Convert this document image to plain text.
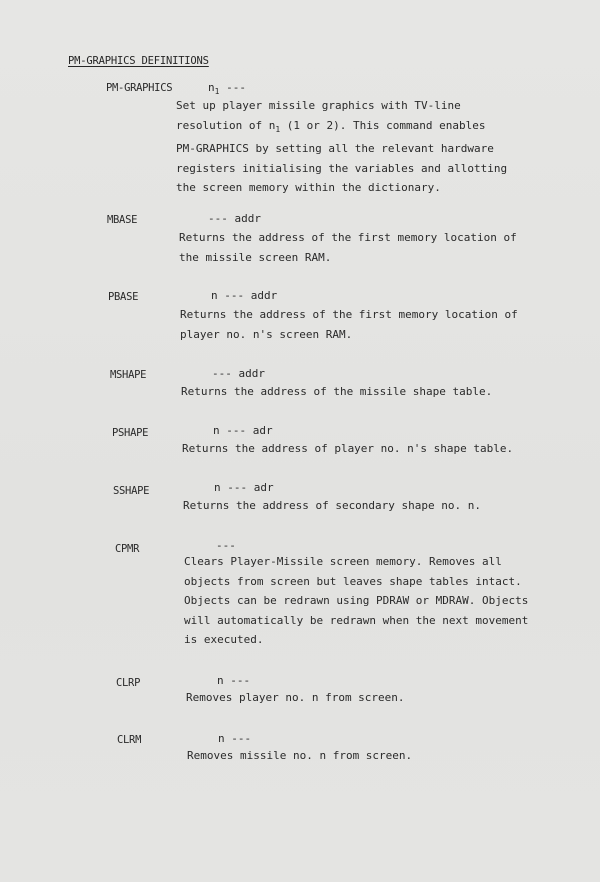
PM-GRAPHICS DEFINITIONS
PM-GRAPHICS	$n_1$ ---
Set up player missile graphics with TV-line
resolution of $n_1$ (1 or 2). This command enables
PM-GRAPHICS by setting all the relevant hardware
registers initialising the variables and allotting
the screen memory within the dictionary.
MBASE	--- addr
Returns the address of the first memory location of
the missile screen RAM.
PBASE	n --- addr
Returns the address of the first memory location of
player no. n's screen RAM.
MSHAPE	--- addr
Returns the address of the missile shape table.
PSHAPE	n --- adr
Returns the address of player no. n's shape table.
SSHAPE	n --- adr
Returns the address of secondary shape no. n.
CPMR	---
Clears Player-Missile screen memory. Removes all
objects from screen but leaves shape tables intact.
Objects can be redrawn using PDRAW or MDRAW. Objects
will automatically be redrawn when the next movement
is executed.
CLRP	n ---
Removes player no. n from screen.
CLRM	n ---
Removes missile no. n from screen.
